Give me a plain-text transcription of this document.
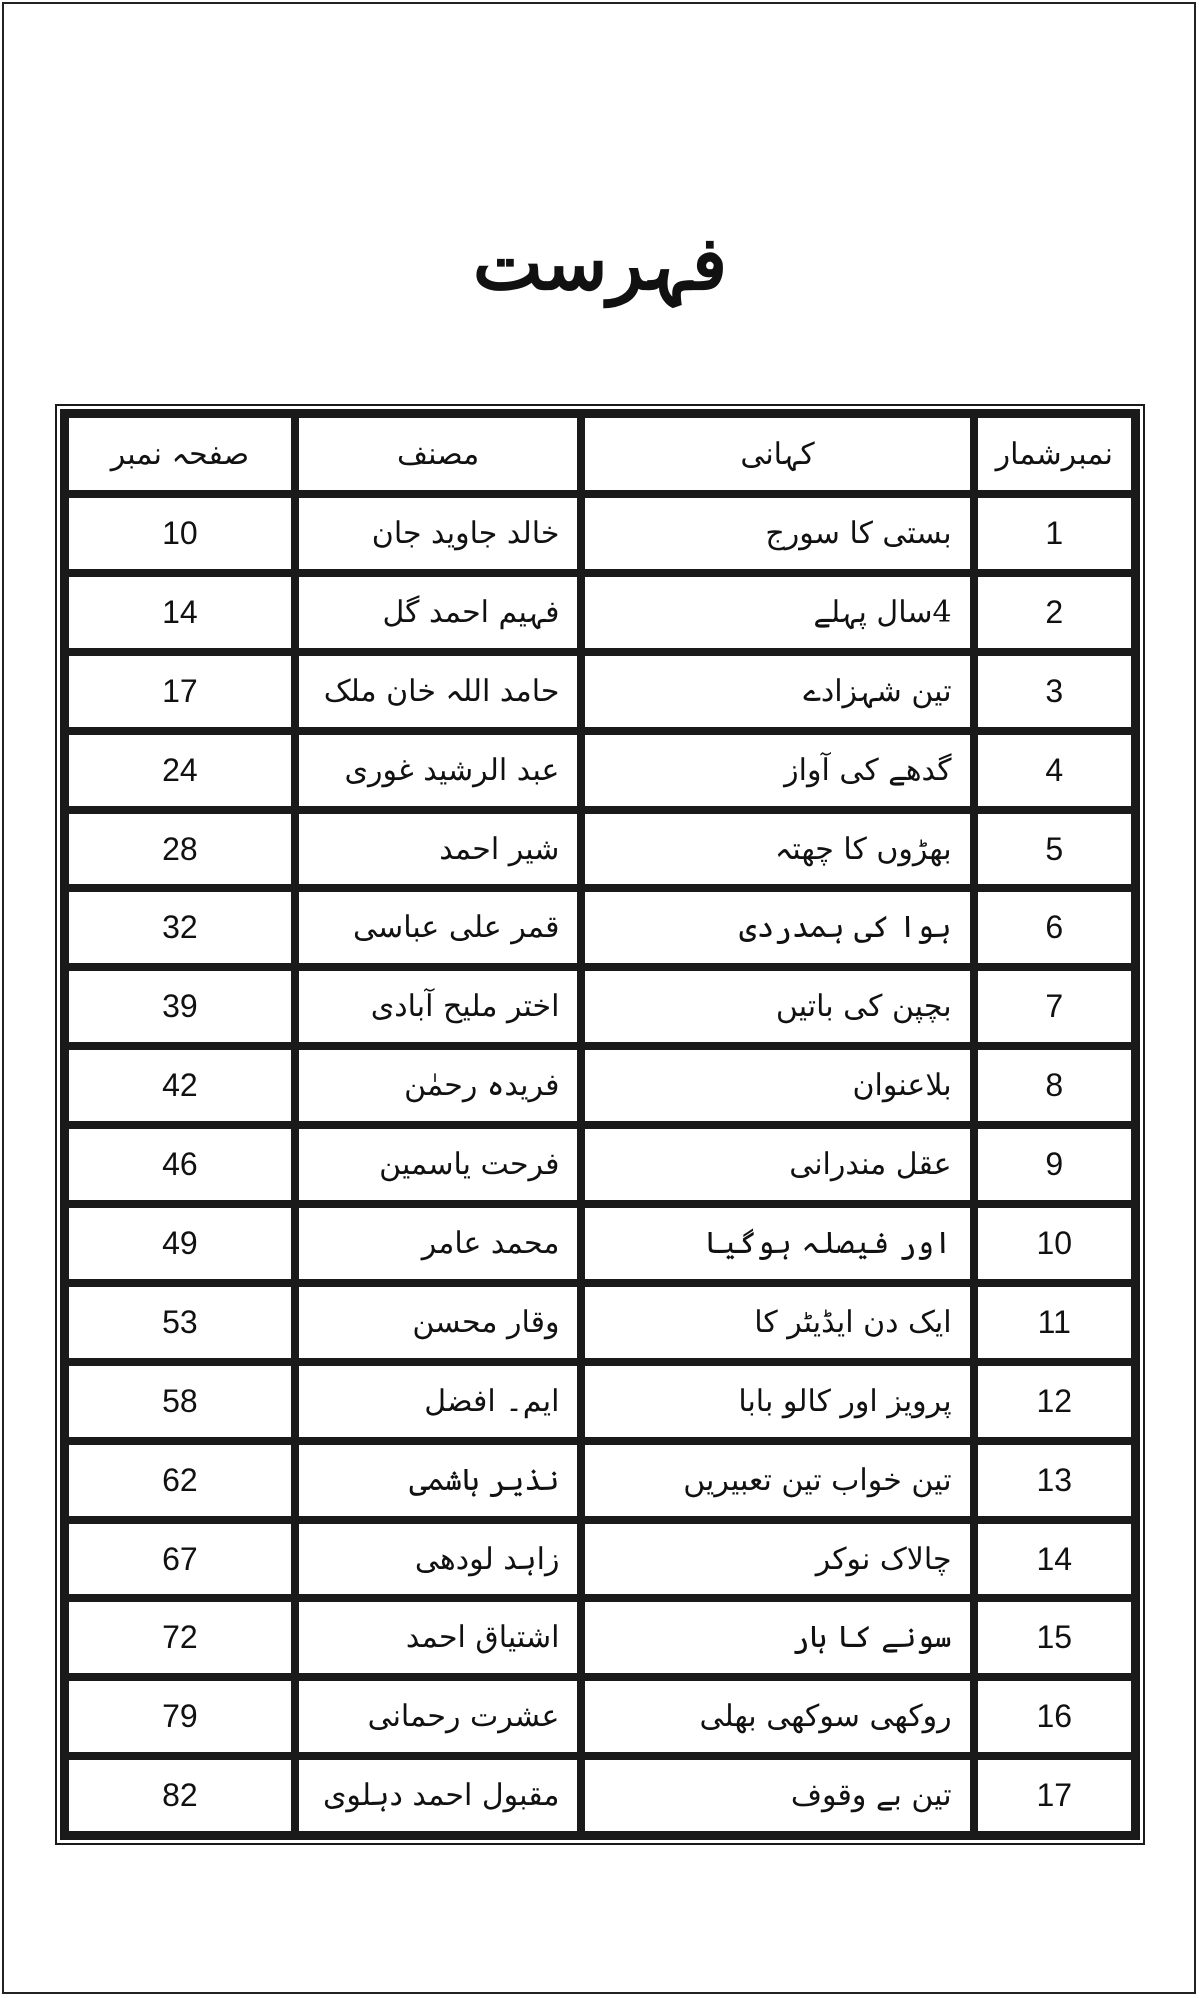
فہرست
نمبرشمار	کہانی	مصنف	صفحہ نمبر
1	بستی کا سورج	خالد جاوید جان	10
2	4سال پہلے	فہیم احمد گل	14
3	تین شہزادے	حامد اللہ خان ملک	17
4	گدھے کی آواز	عبد الرشید غوری	24
5	بھڑوں کا چھتہ	شیر احمد	28
6	ہوا کی ہمدردی	قمر علی عباسی	32
7	بچپن کی باتیں	اختر ملیح آبادی	39
8	بلاعنوان	فریدہ رحمٰن	42
9	عقل مندرانی	فرحت یاسمین	46
10	اور فیصلہ ہوگیا	محمد عامر	49
11	ایک دن ایڈیٹر کا	وقار محسن	53
12	پرویز اور کالو بابا	ایم۔ افضل	58
13	تین خواب تین تعبیریں	نذیر ہاشمی	62
14	چالاک نوکر	زاہد لودھی	67
15	سونے کا ہار	اشتیاق احمد	72
16	روکھی سوکھی بھلی	عشرت رحمانی	79
17	تین بے وقوف	مقبول احمد دہلوی	82
